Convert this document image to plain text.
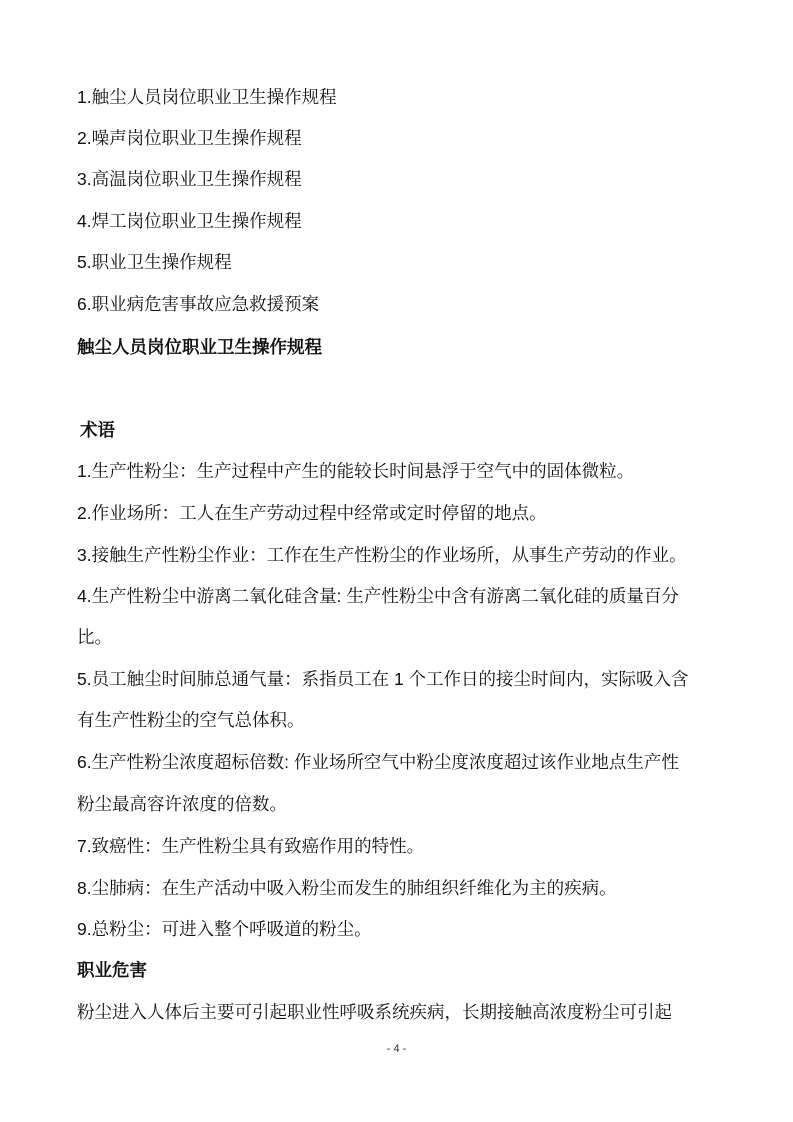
1.触尘人员岗位职业卫生操作规程
2.噪声岗位职业卫生操作规程
3.高温岗位职业卫生操作规程
4.焊工岗位职业卫生操作规程
5.职业卫生操作规程
6.职业病危害事故应急救援预案
触尘人员岗位职业卫生操作规程
术语
1.生产性粉尘：生产过程中产生的能较长时间悬浮于空气中的固体微粒。
2.作业场所：工人在生产劳动过程中经常或定时停留的地点。
3.接触生产性粉尘作业：工作在生产性粉尘的作业场所，从事生产劳动的作业。
4.生产性粉尘中游离二氧化硅含量: 生产性粉尘中含有游离二氧化硅的质量百分
比。
5.员工触尘时间肺总通气量：系指员工在 1 个工作日的接尘时间内，实际吸入含
有生产性粉尘的空气总体积。
6.生产性粉尘浓度超标倍数: 作业场所空气中粉尘度浓度超过该作业地点生产性
粉尘最高容许浓度的倍数。
7.致癌性：生产性粉尘具有致癌作用的特性。
8.尘肺病：在生产活动中吸入粉尘而发生的肺组织纤维化为主的疾病。
9.总粉尘：可进入整个呼吸道的粉尘。
职业危害
粉尘进入人体后主要可引起职业性呼吸系统疾病，长期接触高浓度粉尘可引起
- 4 -
